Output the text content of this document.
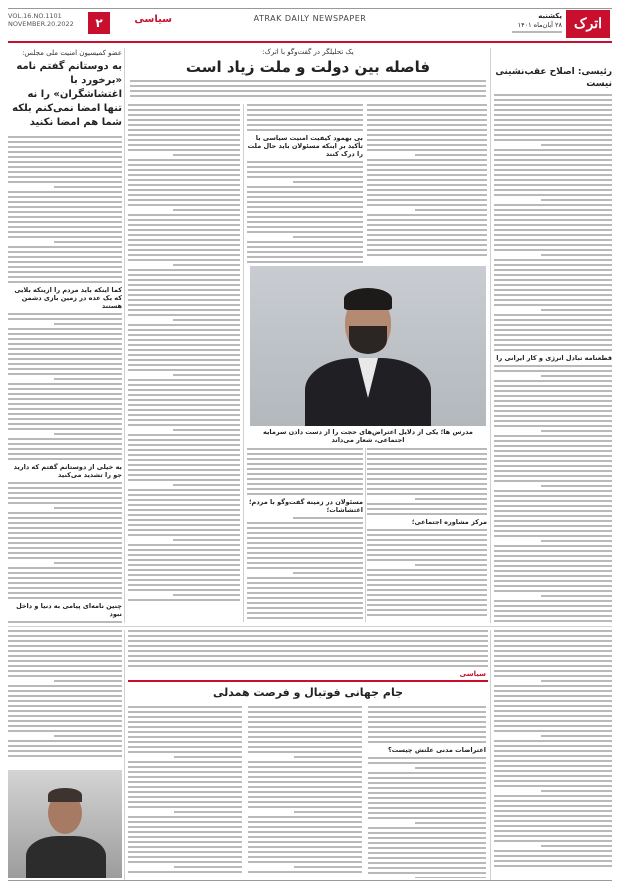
VOL.16.NO.1101
NOVEMBER.20.2022	۲	سیاسی	ATRAK DAILY NEWSPAPER	یکشنبه
۲۸ آبان‌ماه ۱۴۰۱ اترک
عضو کمیسیون امنیت ملی مجلس:
به دوستانم گفتم نامه «برخورد با اغتشاشگران» را نه تنها امضا نمی‌کنم بلکه شما هم امضا نکنید
کما اینکه باید مردم را ازینکه بلایی که یک عده در زمین بازی دشمن هستند
به خیلی از دوستانم گفتم که دارید جو را تشدید می‌کنید
چنین نامه‌ای پیامی به دنیا و داخل نبود
یک تحلیلگر در گفت‌وگو با اترک:
فاصله بین دولت و ملت زیاد است
بی بهمود کیفیت امنیت سیاسی با تأکید بر اینکه مسئولان باید حال ملت را درک کنند
مدرس ها؛ یکی از دلایل اعتراض‌های حجت را از دست دادن سرمایه اجتماعی، شعار می‌داند
مسئولان در زمینه گفت‌وگو با مردم؛ اغتشاشات؛
مرکز مشاوره اجتماعی؛
رئیسی: اصلاح عقب‌نشینی نیست
قطعنامه تبادل انرژی و کار ایرانی را
سیاسی
جام جهانی فوتبال و فرصت همدلی
اعتراضات مدنی علتش چیست؟
